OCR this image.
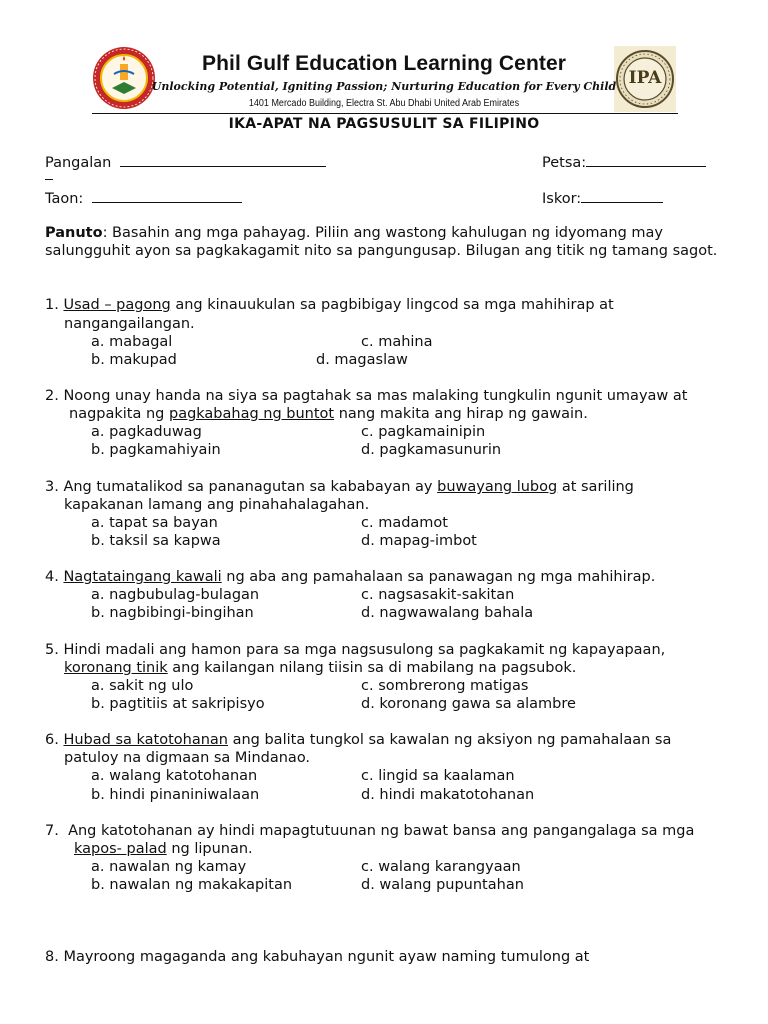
IPA
Phil Gulf Education Learning Center
Unlocking Potential, Igniting Passion; Nurturing Education for Every Child
1401 Mercado Building, Electra St. Abu Dhabi United Arab Emirates
IKA-APAT NA PAGSUSULIT SA FILIPINO
Pangalan	Petsa:
Taon:	Iskor:
Panuto: Basahin ang mga pahayag. Piliin ang wastong kahulugan ng idyomang may salungguhit ayon sa pagkakagamit nito sa pangungusap. Bilugan ang titik ng tamang sagot.
1. Usad – pagong ang kinauukulan sa pagbibigay lingcod sa mga mahihirap at
nangangailangan.
a. mabagal	c. mahina
b. makupad	d. magaslaw
2. Noong unay handa na siya sa pagtahak sa mas malaking tungkulin ngunit umayaw at
nagpakita ng pagkabahag ng buntot nang makita ang hirap ng gawain.
a. pagkaduwag	c. pagkamainipin
b. pagkamahiyain	d. pagkamasunurin
3. Ang tumatalikod sa pananagutan sa kababayan ay buwayang lubog at sariling
kapakanan lamang ang pinahahalagahan.
a. tapat sa bayan	c. madamot
b. taksil sa kapwa	d. mapag-imbot
4. Nagtataingang kawali ng aba ang pamahalaan sa panawagan ng mga mahihirap.
a. nagbubulag-bulagan	c. nagsasakit-sakitan
b. nagbibingi-bingihan	d. nagwawalang bahala
5. Hindi madali ang hamon para sa mga nagsusulong sa pagkakamit ng kapayapaan,
koronang tinik ang kailangan nilang tiisin sa di mabilang na pagsubok.
a. sakit ng ulo	c. sombrerong matigas
b. pagtitiis at sakripisyo	d. koronang gawa sa alambre
6. Hubad sa katotohanan ang balita tungkol sa kawalan ng aksiyon ng pamahalaan sa
patuloy na digmaan sa Mindanao.
a. walang katotohanan	c. lingid sa kaalaman
b. hindi pinaniniwalaan	d. hindi makatotohanan
7. Ang katotohanan ay hindi mapagtutuunan ng bawat bansa ang pangangalaga sa mga
kapos- palad ng lipunan.
a. nawalan ng kamay	c. walang karangyaan
b. nawalan ng makakapitan	d. walang pupuntahan
8. Mayroong magaganda ang kabuhayan ngunit ayaw naming tumulong at
